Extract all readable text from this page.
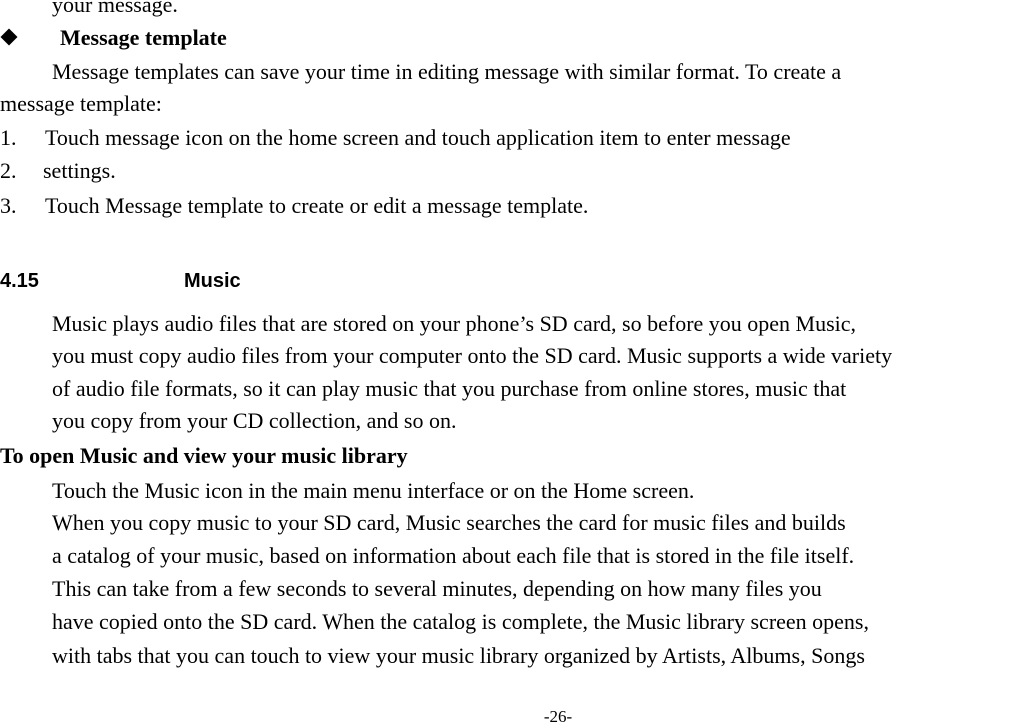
your message.
Message template
Message templates can save your time in editing message with similar format. To create a
message template:
1. Touch message icon on the home screen and touch application item to enter message
2. settings.
3. Touch Message template to create or edit a message template.
4.15	Music
Music plays audio files that are stored on your phone’s SD card, so before you open Music,
you must copy audio files from your computer onto the SD card. Music supports a wide variety
of audio file formats, so it can play music that you purchase from online stores, music that
you copy from your CD collection, and so on.
To open Music and view your music library
Touch the Music icon in the main menu interface or on the Home screen.
When you copy music to your SD card, Music searches the card for music files and builds
a catalog of your music, based on information about each file that is stored in the file itself.
This can take from a few seconds to several minutes, depending on how many files you
have copied onto the SD card. When the catalog is complete, the Music library screen opens,
with tabs that you can touch to view your music library organized by Artists, Albums, Songs
-26-
